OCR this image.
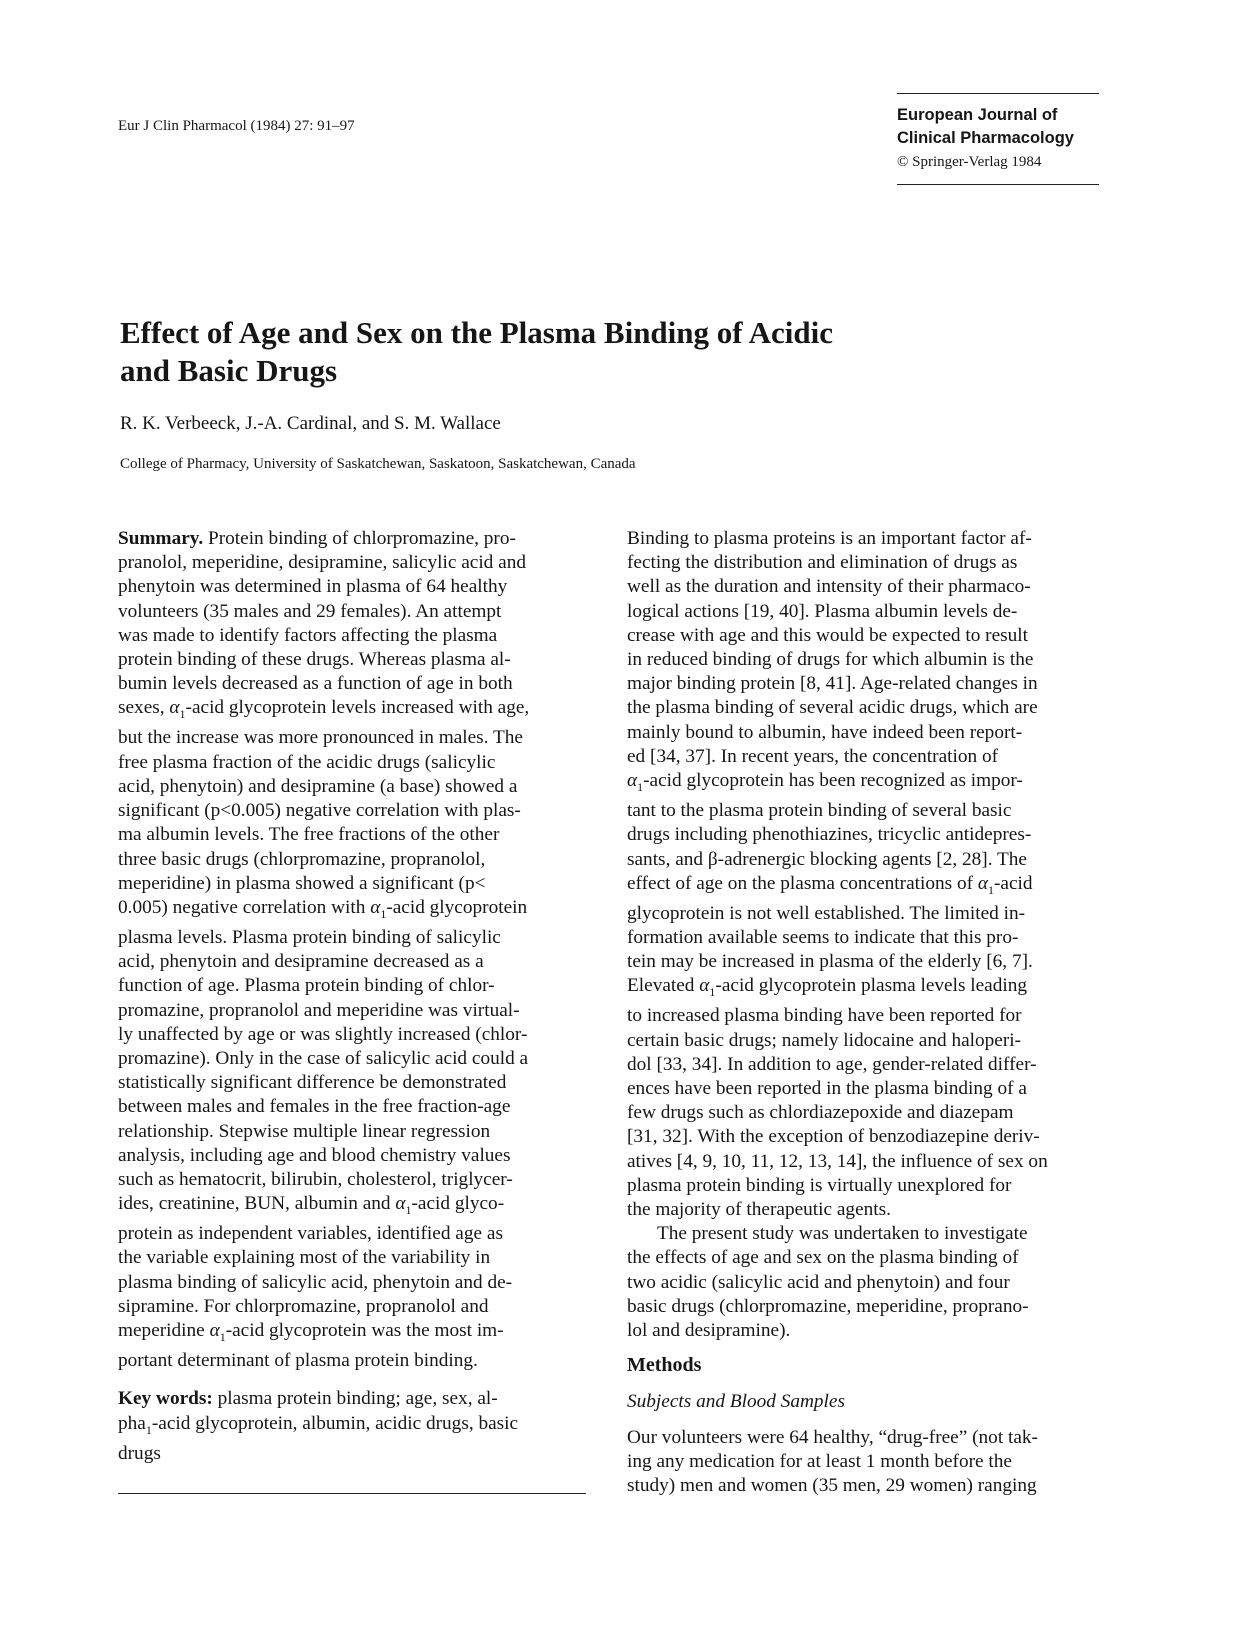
Eur J Clin Pharmacol (1984) 27: 91–97
European Journal of
Clinical Pharmacology
© Springer-Verlag 1984
Effect of Age and Sex on the Plasma Binding of Acidic
and Basic Drugs
R. K. Verbeeck, J.-A. Cardinal, and S. M. Wallace
College of Pharmacy, University of Saskatchewan, Saskatoon, Saskatchewan, Canada

Summary. Protein binding of chlorpromazine, pro-
pranolol, meperidine, desipramine, salicylic acid and
phenytoin was determined in plasma of 64 healthy
volunteers (35 males and 29 females). An attempt
was made to identify factors affecting the plasma
protein binding of these drugs. Whereas plasma al-
bumin levels decreased as a function of age in both
sexes, $\alpha_1$-acid glycoprotein levels increased with age,
but the increase was more pronounced in males. The
free plasma fraction of the acidic drugs (salicylic
acid, phenytoin) and desipramine (a base) showed a
significant (p<0.005) negative correlation with plas-
ma albumin levels. The free fractions of the other
three basic drugs (chlorpromazine, propranolol,
meperidine) in plasma showed a significant (p<
0.005) negative correlation with $\alpha_1$-acid glycoprotein
plasma levels. Plasma protein binding of salicylic
acid, phenytoin and desipramine decreased as a
function of age. Plasma protein binding of chlor-
promazine, propranolol and meperidine was virtual-
ly unaffected by age or was slightly increased (chlor-
promazine). Only in the case of salicylic acid could a
statistically significant difference be demonstrated
between males and females in the free fraction-age
relationship. Stepwise multiple linear regression
analysis, including age and blood chemistry values
such as hematocrit, bilirubin, cholesterol, triglycer-
ides, creatinine, BUN, albumin and $\alpha_1$-acid glyco-
protein as independent variables, identified age as
the variable explaining most of the variability in
plasma binding of salicylic acid, phenytoin and de-
sipramine. For chlorpromazine, propranolol and
meperidine $\alpha_1$-acid glycoprotein was the most im-
portant determinant of plasma protein binding.

Key words: plasma protein binding; age, sex, al-
pha$_1$-acid glycoprotein, albumin, acidic drugs, basic
drugs

Binding to plasma proteins is an important factor af-
fecting the distribution and elimination of drugs as
well as the duration and intensity of their pharmaco-
logical actions [19, 40]. Plasma albumin levels de-
crease with age and this would be expected to result
in reduced binding of drugs for which albumin is the
major binding protein [8, 41]. Age-related changes in
the plasma binding of several acidic drugs, which are
mainly bound to albumin, have indeed been report-
ed [34, 37]. In recent years, the concentration of
$\alpha_1$-acid glycoprotein has been recognized as impor-
tant to the plasma protein binding of several basic
drugs including phenothiazines, tricyclic antidepres-
sants, and β-adrenergic blocking agents [2, 28]. The
effect of age on the plasma concentrations of $\alpha_1$-acid
glycoprotein is not well established. The limited in-
formation available seems to indicate that this pro-
tein may be increased in plasma of the elderly [6, 7].
Elevated $\alpha_1$-acid glycoprotein plasma levels leading
to increased plasma binding have been reported for
certain basic drugs; namely lidocaine and haloperi-
dol [33, 34]. In addition to age, gender-related differ-
ences have been reported in the plasma binding of a
few drugs such as chlordiazepoxide and diazepam
[31, 32]. With the exception of benzodiazepine deriv-
atives [4, 9, 10, 11, 12, 13, 14], the influence of sex on
plasma protein binding is virtually unexplored for
the majority of therapeutic agents.

The present study was undertaken to investigate
the effects of age and sex on the plasma binding of
two acidic (salicylic acid and phenytoin) and four
basic drugs (chlorpromazine, meperidine, proprano-
lol and desipramine).

Methods
Subjects and Blood Samples

Our volunteers were 64 healthy, “drug-free” (not tak-
ing any medication for at least 1 month before the
study) men and women (35 men, 29 women) ranging
